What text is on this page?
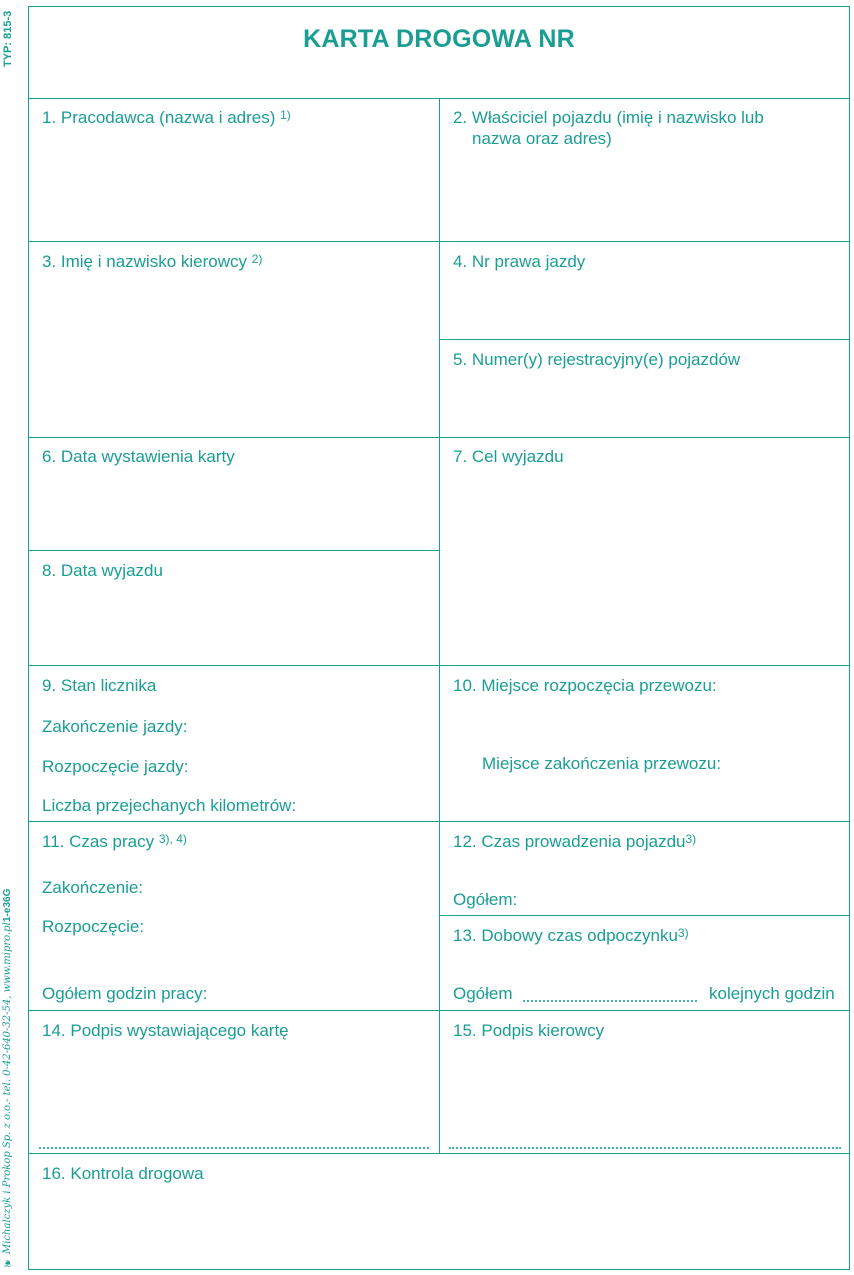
TYP: 815-3
❦
Michalczyk i Prokop Sp. z o.o.- tel. 0-42-640-32-54, www.mipro.pl
1-e36G
KARTA DROGOWA NR
1. Pracodawca (nazwa i adres) $^{1)}$	2. Właściciel pojazdu (imię i nazwisko lub
nazwa oraz adres)
3. Imię i nazwisko kierowcy $^{2)}$	4. Nr prawa jazdy
5. Numer(y) rejestracyjny(e) pojazdów
6. Data wystawienia karty	7. Cel wyjazdu
8. Data wyjazdu
9. Stan licznika
Zakończenie jazdy:
Rozpoczęcie jazdy:
Liczba przejechanych kilometrów:
10. Miejsce rozpoczęcia przewozu:
Miejsce zakończenia przewozu:
11. Czas pracy $^{3), 4)}$
Zakończenie:
Rozpoczęcie:
Ogółem godzin pracy:
12. Czas prowadzenia pojazdu$^{3)}$
Ogółem:
13. Dobowy czas odpoczynku$^{3)}$
Ogółem	kolejnych godzin
14. Podpis wystawiającego kartę	15. Podpis kierowcy
16. Kontrola drogowa
